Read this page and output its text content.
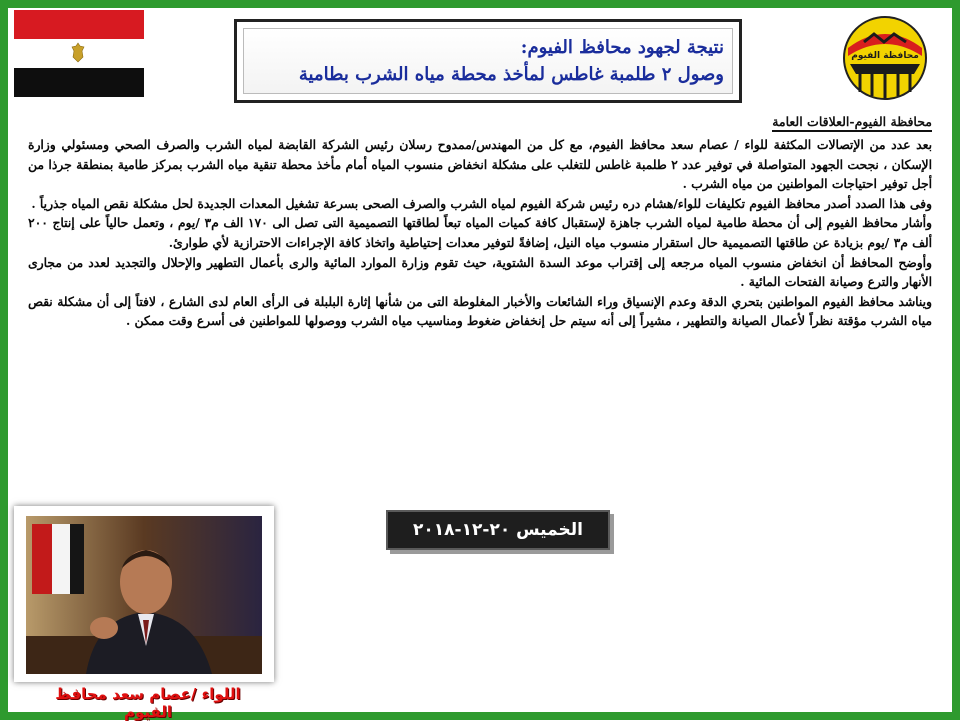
محافظة الفيوم
نتيجة لجهود محافظ الفيوم:
وصول ٢ طلمبة غاطس لمأخذ محطة مياه الشرب بطامية
محافظة الفيوم-العلاقات العامة

بعد عدد من الإتصالات المكثفة للواء / عصام سعد محافظ الفيوم، مع كل من المهندس/ممدوح رسلان رئيس الشركة القابضة لمياه الشرب والصرف الصحي ومسئولي وزارة الإسكان ، نجحت الجهود المتواصلة في توفير عدد ٢ طلمبة غاطس للتغلب على مشكلة انخفاض منسوب المياه أمام مأخذ محطة تنقية مياه الشرب بمركز طامية بمنطقة جرذا من أجل توفير احتياجات المواطنين من مياه الشرب .

وفى هذا الصدد أصدر محافظ الفيوم تكليفات للواء/هشام دره رئيس شركة الفيوم لمياه الشرب والصرف الصحى بسرعة تشغيل المعدات الجديدة لحل مشكلة نقص المياه جذرياً .

وأشار محافظ الفيوم إلى أن محطة طامية لمياه الشرب جاهزة لإستقبال كافة كميات المياه تبعاً لطاقتها التصميمية التى تصل الى ١٧٠ الف م٣ /يوم ، وتعمل حالياً على إنتاج ٢٠٠ ألف م٣ /يوم بزيادة عن طاقتها التصميمية حال استقرار منسوب مياه النيل، إضافةً لتوفير معدات إحتياطية واتخاذ كافة الإجراءات الاحترازية لأي طوارئ.

وأوضح المحافظ أن انخفاض منسوب المياه مرجعه إلى إقتراب موعد السدة الشتوية، حيث تقوم وزارة الموارد المائية والرى بأعمال التطهير والإحلال والتجديد لعدد من مجارى الأنهار والترع وصيانة الفتحات المائية .

ويناشد محافظ الفيوم المواطنين بتحري الدقة وعدم الإنسياق وراء الشائعات والأخبار المغلوطة التى من شأنها إثارة البلبلة فى الرأى العام لدى الشارع ، لافتاً إلى أن مشكلة نقص مياه الشرب مؤقتة نظراً لأعمال الصيانة والتطهير ، مشيراً إلى أنه سيتم حل إنخفاض ضغوط ومناسيب مياه الشرب ووصولها للمواطنين فى أسرع وقت ممكن .

الخميس ٢٠-١٢-٢٠١٨
اللواء /عصام سعد محافظ الفيوم
